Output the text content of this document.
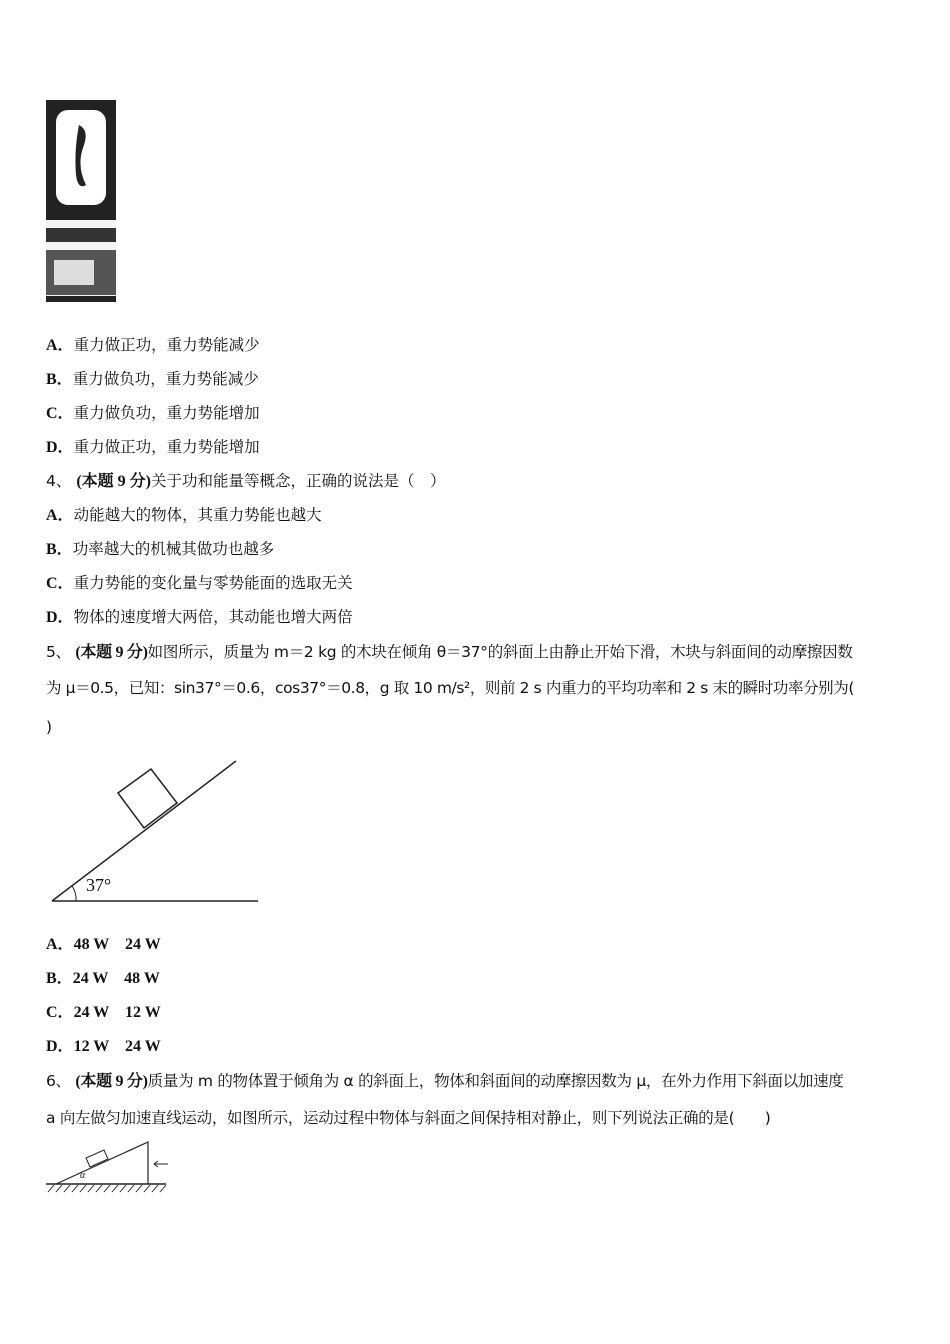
A．重力做正功，重力势能减少
B．重力做负功，重力势能减少
C．重力做负功，重力势能增加
D．重力做正功，重力势能增加
4、 (本题 9 分)关于功和能量等概念，正确的说法是（　）
A．动能越大的物体，其重力势能也越大
B．功率越大的机械其做功也越多
C．重力势能的变化量与零势能面的选取无关
D．物体的速度增大两倍，其动能也增大两倍
5、 (本题 9 分)如图所示，质量为 m＝2 kg 的木块在倾角 θ＝37°的斜面上由静止开始下滑，木块与斜面间的动摩擦因数
为 μ＝0.5，已知：sin37°＝0.6，cos37°＝0.8，g 取 10 m/s²，则前 2 s 内重力的平均功率和 2 s 末的瞬时功率分别为(
)
37°
A．48 W　24 W
B．24 W　48 W
C．24 W　12 W
D．12 W　24 W
6、 (本题 9 分)质量为 m 的物体置于倾角为 α 的斜面上，物体和斜面间的动摩擦因数为 μ，在外力作用下斜面以加速度
a 向左做匀加速直线运动，如图所示，运动过程中物体与斜面之间保持相对静止，则下列说法正确的是(　　)
α
